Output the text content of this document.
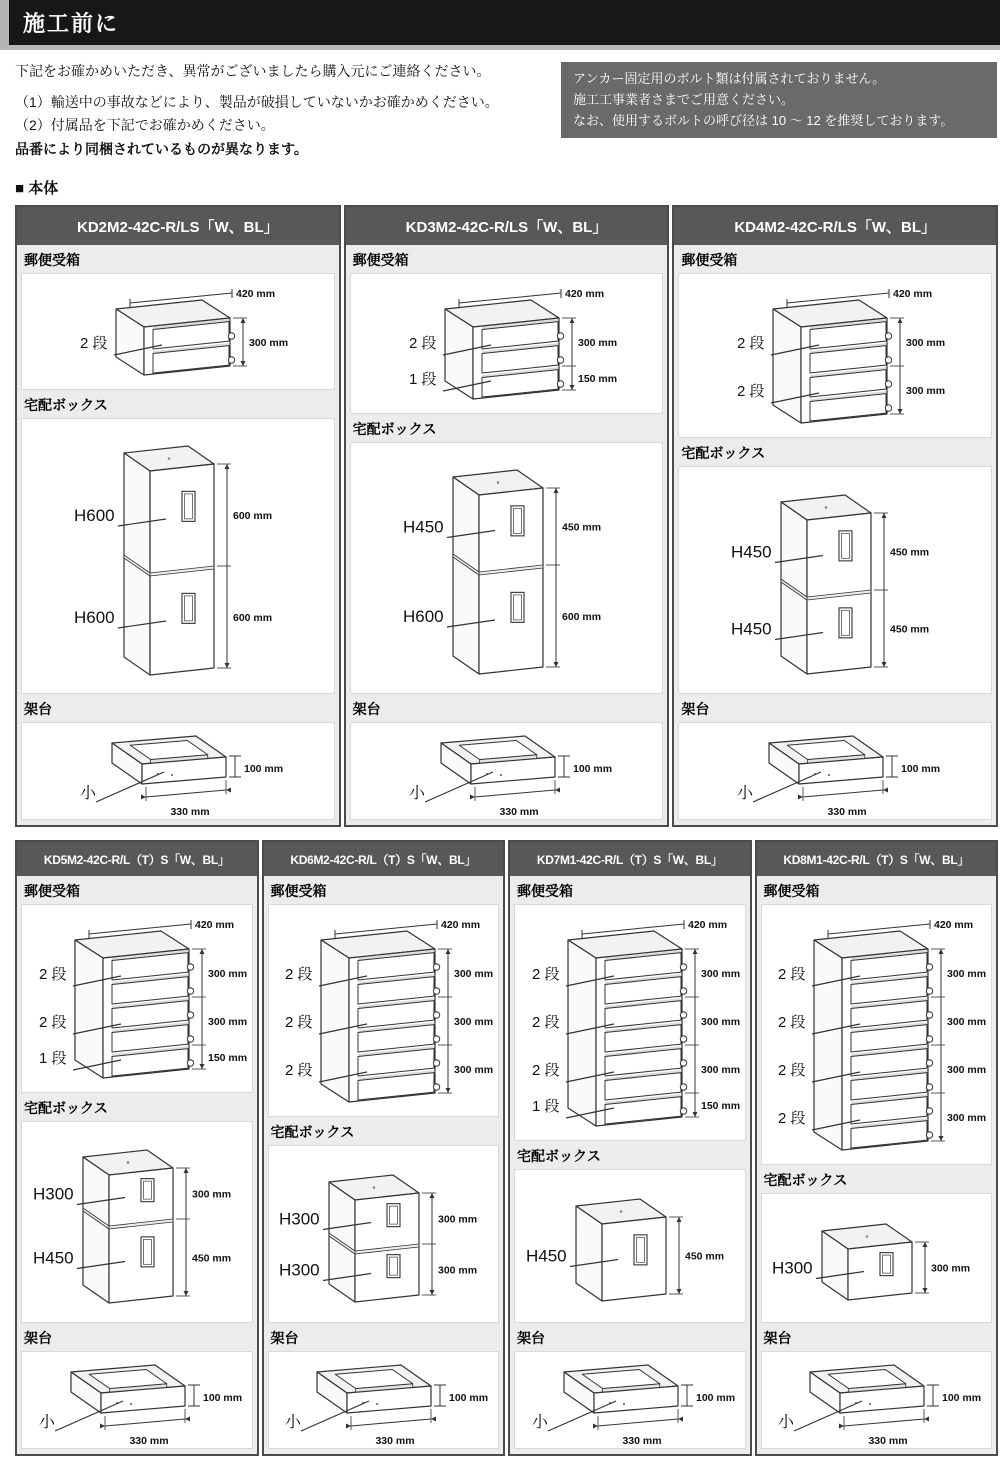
施工前に

下記をお確かめいただき、異常がございましたら購入元にご連絡ください。

（1）輸送中の事故などにより、製品が破損していないかお確かめください。

（2）付属品を下記でお確かめください。

品番により同梱されているものが異なります。

アンカー固定用のボルト類は付属されておりません。

施工工事業者さまでご用意ください。

なお、使用するボルトの呼び径は 10 ～ 12 を推奨しております。

■ 本体
KD2M2-42C-R/LS「W、BL」
郵便受箱
2 段	300 mm
420 mm
宅配ボックス
H600	600 mm
H600	600 mm
架台
小
100 mm
330 mm
KD3M2-42C-R/LS「W、BL」
郵便受箱
2 段	300 mm
1 段	150 mm
420 mm
宅配ボックス
H450	450 mm
H600	600 mm
架台
小
100 mm
330 mm
KD4M2-42C-R/LS「W、BL」
郵便受箱
2 段	300 mm
2 段	300 mm
420 mm
宅配ボックス
H450	450 mm
H450	450 mm
架台
小
100 mm
330 mm
KD5M2-42C-R/L（T）S「W、BL」
郵便受箱
2 段	300 mm
2 段	300 mm
1 段	150 mm
420 mm
宅配ボックス
H300	300 mm
H450	450 mm
架台
小
100 mm
330 mm
KD6M2-42C-R/L（T）S「W、BL」
郵便受箱
2 段	300 mm
2 段	300 mm
2 段	300 mm
420 mm
宅配ボックス
H300	300 mm
H300	300 mm
架台
小
100 mm
330 mm
KD7M1-42C-R/L（T）S「W、BL」
郵便受箱
2 段	300 mm
2 段	300 mm
2 段	300 mm
1 段	150 mm
420 mm
宅配ボックス
H450	450 mm
架台
小
100 mm
330 mm
KD8M1-42C-R/L（T）S「W、BL」
郵便受箱
2 段	300 mm
2 段	300 mm
2 段	300 mm
2 段	300 mm
420 mm
宅配ボックス
H300	300 mm
架台
小
100 mm
330 mm
